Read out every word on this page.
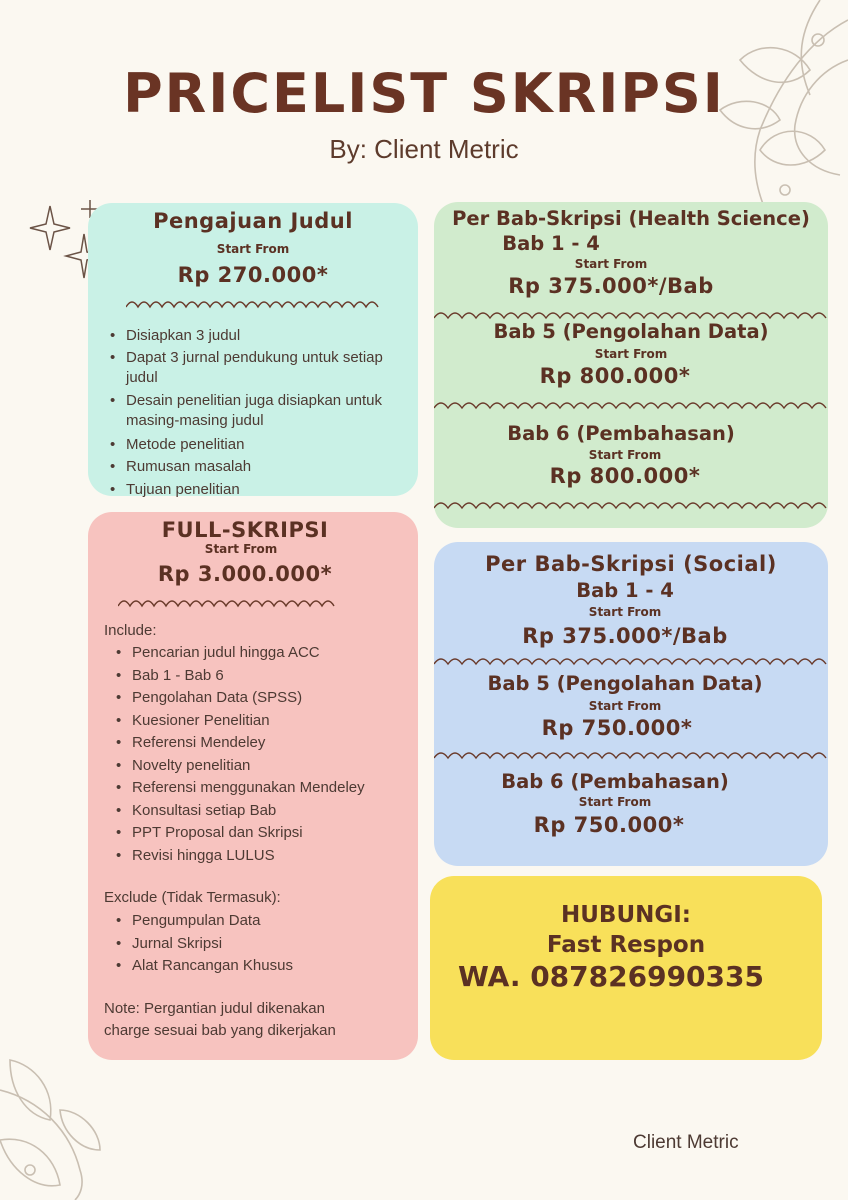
PRICELIST SKRIPSI
By: Client Metric
Pengajuan Judul
Start From
Rp 270.000*
• Disiapkan 3 judul
• Dapat 3 jurnal pendukung untuk setiap judul
• Desain penelitian juga disiapkan untuk masing-masing judul
• Metode penelitian
• Rumusan masalah
• Tujuan penelitian
Per Bab-Skripsi (Health Science)
Bab 1 - 4
Start From
Rp 375.000*/Bab
Bab 5 (Pengolahan Data)
Start From
Rp 800.000*
Bab 6 (Pembahasan)
Start From
Rp 800.000*
FULL-SKRIPSI
Start From
Rp 3.000.000*
Include:
• Pencarian judul hingga ACC
• Bab 1 - Bab 6
• Pengolahan Data (SPSS)
• Kuesioner Penelitian
• Referensi Mendeley
• Novelty penelitian
• Referensi menggunakan Mendeley
• Konsultasi setiap Bab
• PPT Proposal dan Skripsi
• Revisi hingga LULUS
Exclude (Tidak Termasuk):
• Pengumpulan Data
• Jurnal Skripsi
• Alat Rancangan Khusus
Note: Pergantian judul dikenakan
charge sesuai bab yang dikerjakan
Per Bab-Skripsi (Social)
Bab 1 - 4
Start From
Rp 375.000*/Bab
Bab 5 (Pengolahan Data)
Start From
Rp 750.000*
Bab 6 (Pembahasan)
Start From
Rp 750.000*
HUBUNGI:
Fast Respon
WA. 087826990335
Client Metric
